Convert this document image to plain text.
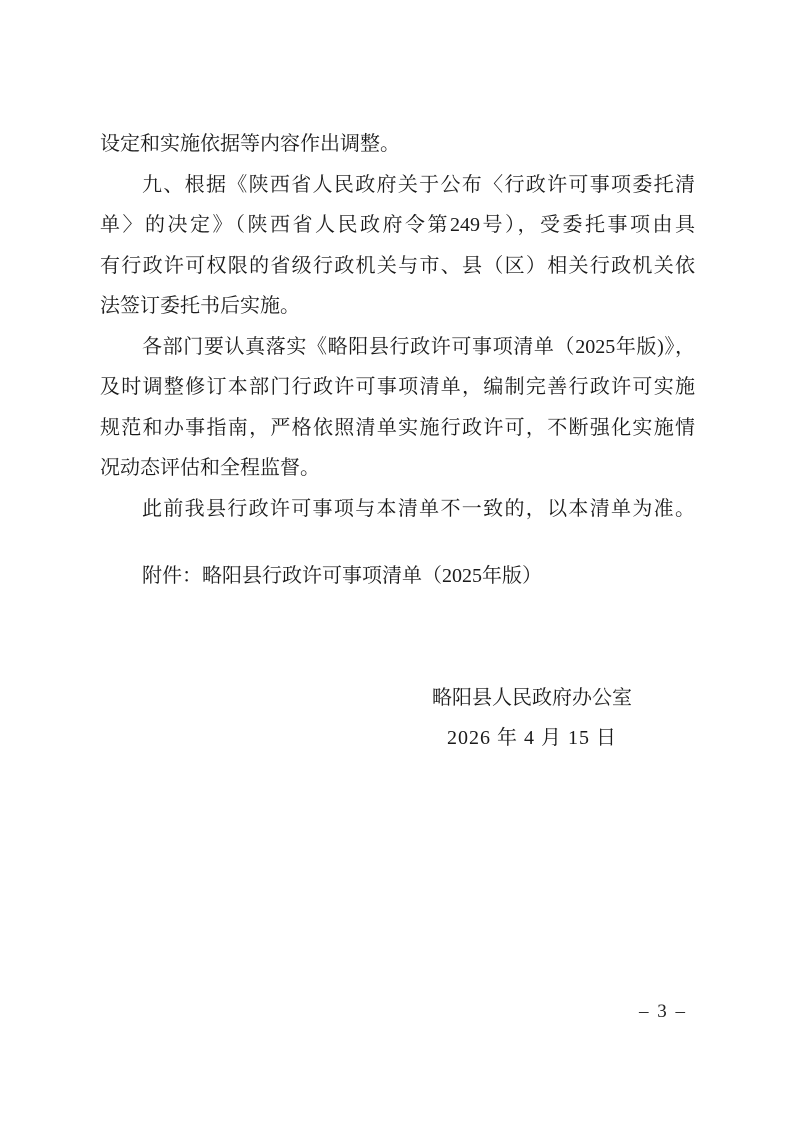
设定和实施依据等内容作出调整。
九、根据《陕西省人民政府关于公布〈行政许可事项委托清
单〉的决定》（陕西省人民政府令第249号），受委托事项由具
有行政许可权限的省级行政机关与市、县（区）相关行政机关依
法签订委托书后实施。
各部门要认真落实《略阳县行政许可事项清单（2025年版)》，
及时调整修订本部门行政许可事项清单，编制完善行政许可实施
规范和办事指南，严格依照清单实施行政许可，不断强化实施情
况动态评估和全程监督。
此前我县行政许可事项与本清单不一致的，以本清单为准。
附件：略阳县行政许可事项清单（2025年版）
略阳县人民政府办公室
2026 年 4 月 15 日
– 3 –
